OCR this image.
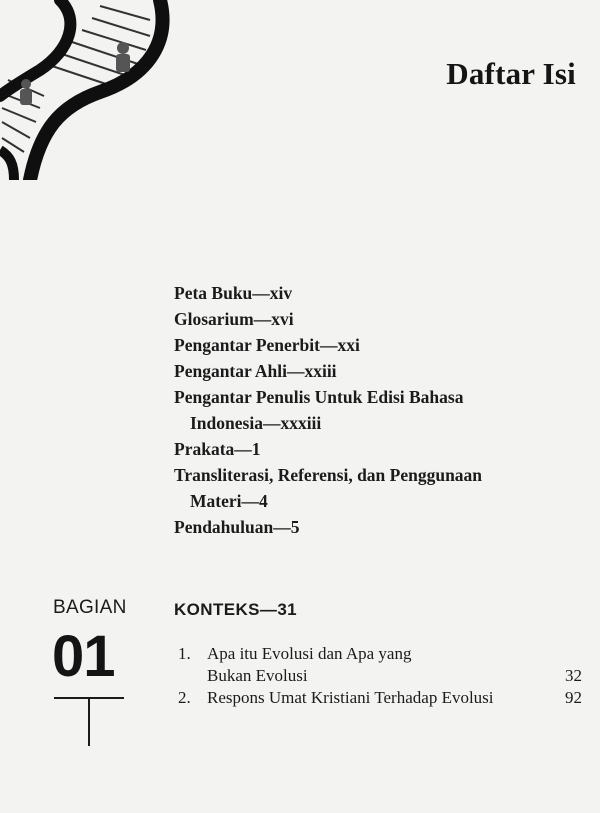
Daftar Isi
Peta Buku—xiv
Glosarium—xvi
Pengantar Penerbit—xxi
Pengantar Ahli—xxiii
Pengantar Penulis Untuk Edisi Bahasa Indonesia—xxxiii
Prakata—1
Transliterasi, Referensi, dan Penggunaan Materi—4
Pendahuluan—5
BAGIAN
01
KONTEKS—31
1. Apa itu Evolusi dan Apa yang Bukan Evolusi	32
2. Respons Umat Kristiani Terhadap Evolusi	92
